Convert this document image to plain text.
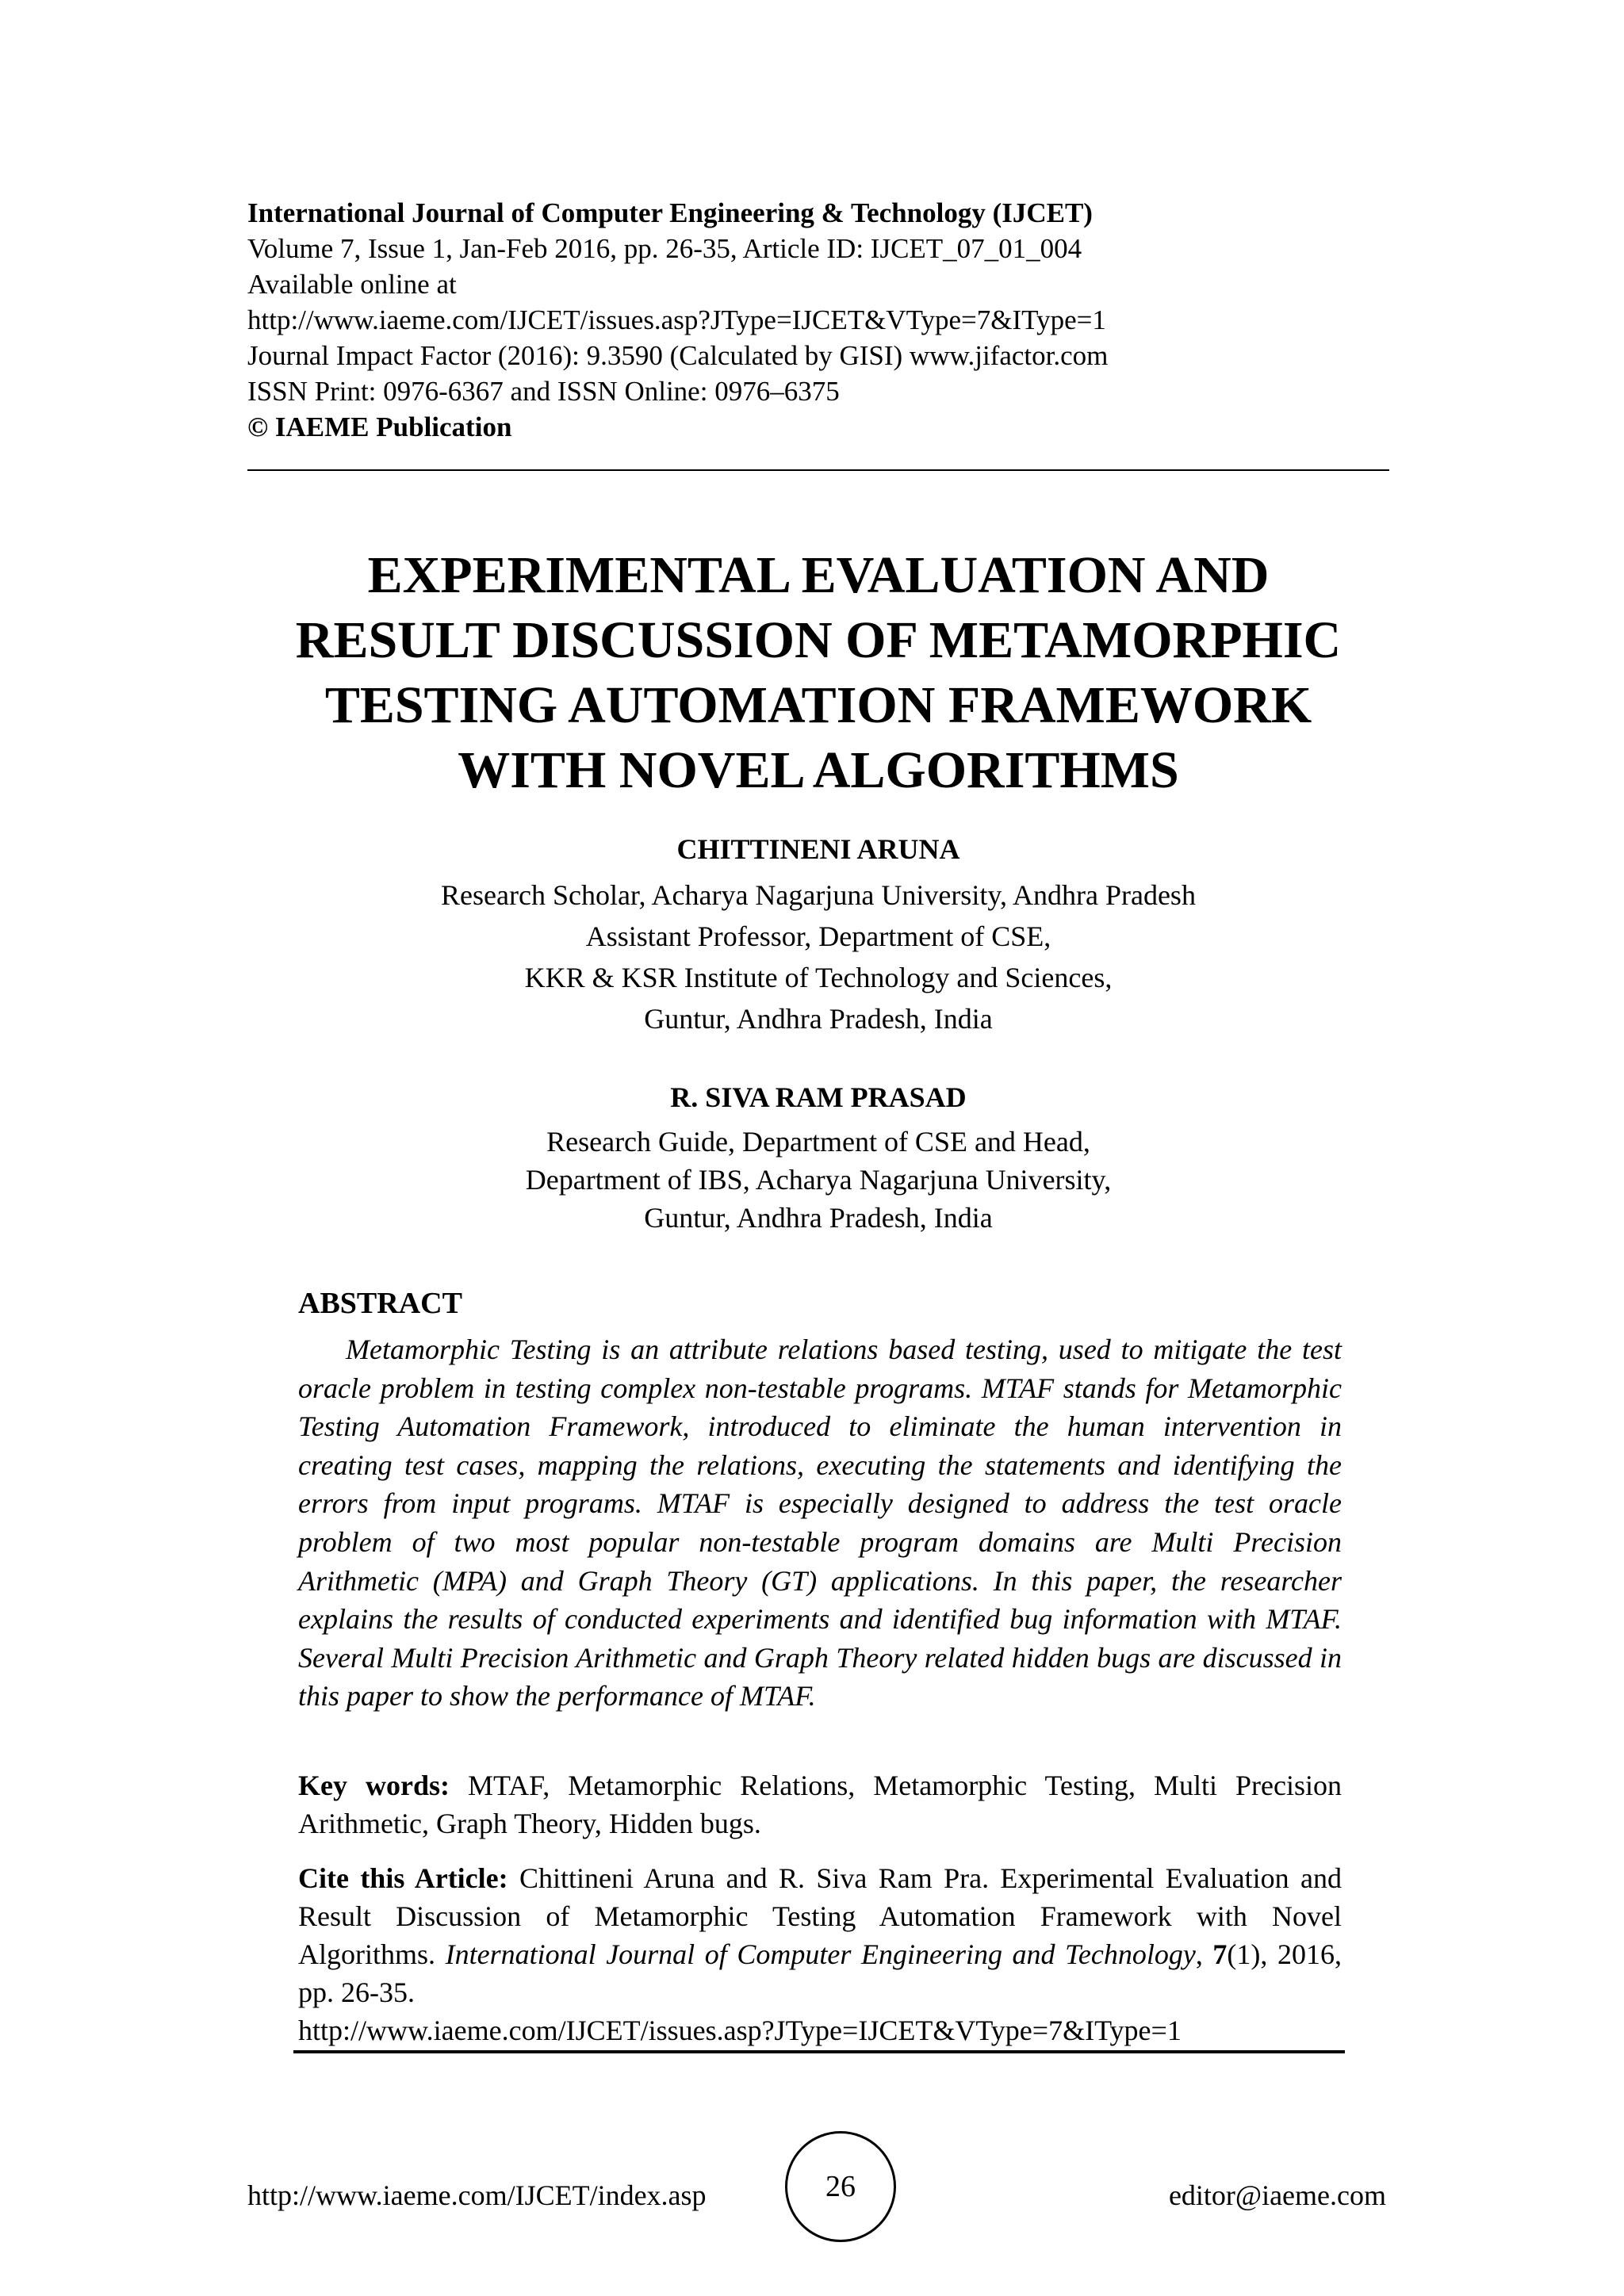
International Journal of Computer Engineering & Technology (IJCET)
Volume 7, Issue 1, Jan-Feb 2016, pp. 26-35, Article ID: IJCET_07_01_004
Available online at
http://www.iaeme.com/IJCET/issues.asp?JType=IJCET&VType=7&IType=1
Journal Impact Factor (2016): 9.3590 (Calculated by GISI) www.jifactor.com
ISSN Print: 0976-6367 and ISSN Online: 0976–6375
© IAEME Publication
EXPERIMENTAL EVALUATION AND
RESULT DISCUSSION OF METAMORPHIC
TESTING AUTOMATION FRAMEWORK
WITH NOVEL ALGORITHMS
CHITTINENI ARUNA
Research Scholar, Acharya Nagarjuna University, Andhra Pradesh
Assistant Professor, Department of CSE,
KKR & KSR Institute of Technology and Sciences,
Guntur, Andhra Pradesh, India
R. SIVA RAM PRASAD
Research Guide, Department of CSE and Head,
Department of IBS, Acharya Nagarjuna University,
Guntur, Andhra Pradesh, India
ABSTRACT
Metamorphic Testing is an attribute relations based testing, used to mitigate the test oracle problem in testing complex non-testable programs. MTAF stands for Metamorphic Testing Automation Framework, introduced to eliminate the human intervention in creating test cases, mapping the relations, executing the statements and identifying the errors from input programs. MTAF is especially designed to address the test oracle problem of two most popular non-testable program domains are Multi Precision Arithmetic (MPA) and Graph Theory (GT) applications. In this paper, the researcher explains the results of conducted experiments and identified bug information with MTAF. Several Multi Precision Arithmetic and Graph Theory related hidden bugs are discussed in this paper to show the performance of MTAF.
Key words: MTAF, Metamorphic Relations, Metamorphic Testing, Multi Precision Arithmetic, Graph Theory, Hidden bugs.
Cite this Article: Chittineni Aruna and R. Siva Ram Pra. Experimental Evaluation and Result Discussion of Metamorphic Testing Automation Framework with Novel Algorithms. International Journal of Computer Engineering and Technology, 7(1), 2016, pp. 26-35.
http://www.iaeme.com/IJCET/issues.asp?JType=IJCET&VType=7&IType=1
http://www.iaeme.com/IJCET/index.asp	26	editor@iaeme.com
